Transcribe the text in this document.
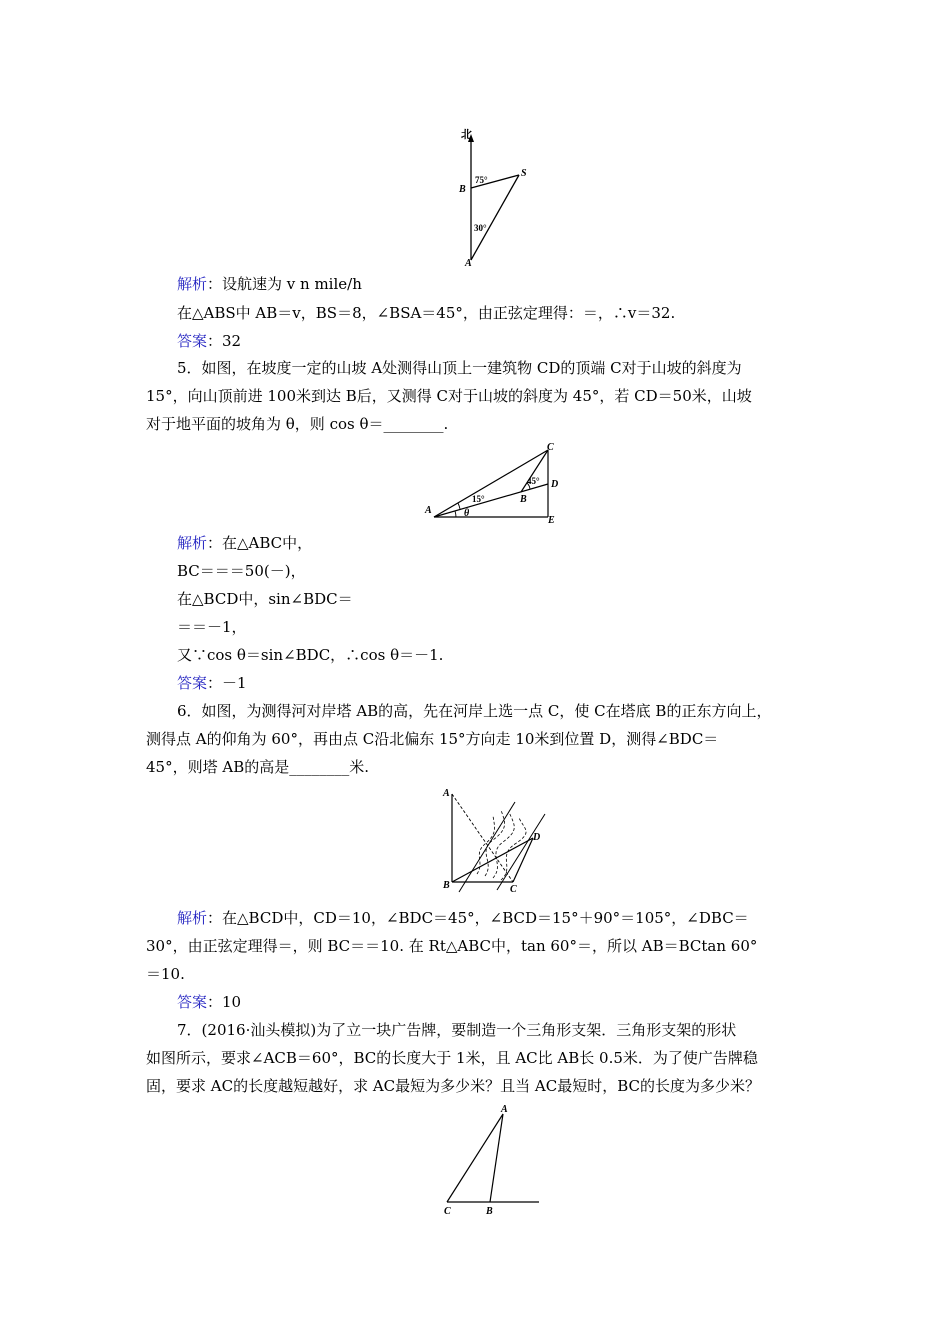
北
B
S
A
75°
30°
解析：设航速为 v n mile/h
在△ABS中 AB＝v，BS＝8，∠BSA＝45°，由正弦定理得：＝，∴v＝32.
答案：32
5．如图，在坡度一定的山坡 A处测得山顶上一建筑物 CD的顶端 C对于山坡的斜度为
15°，向山顶前进 100米到达 B后，又测得 C对于山坡的斜度为 45°，若 CD＝50米，山坡
对于地平面的坡角为 θ，则 cos θ＝________.
A
C
D
E
B
15°
45°
θ
解析：在△ABC中，
BC＝＝＝50(－)，
在△BCD中，sin∠BDC＝
＝＝－1，
又∵cos θ＝sin∠BDC，∴cos θ＝－1.
答案：－1
6．如图，为测得河对岸塔 AB的高，先在河岸上选一点 C，使 C在塔底 B的正东方向上，
测得点 A的仰角为 60°，再由点 C沿北偏东 15°方向走 10米到位置 D，测得∠BDC＝
45°，则塔 AB的高是________米.
A
B	C
D
解析：在△BCD中，CD＝10，∠BDC＝45°，∠BCD＝15°＋90°＝105°，∠DBC＝
30°，由正弦定理得＝，则 BC＝＝10. 在 Rt△ABC中，tan 60°＝，所以 AB＝BCtan 60°
＝10.
答案：10
7．(2016·汕头模拟)为了立一块广告牌，要制造一个三角形支架．三角形支架的形状
如图所示，要求∠ACB＝60°，BC的长度大于 1米，且 AC比 AB长 0.5米．为了使广告牌稳
固，要求 AC的长度越短越好，求 AC最短为多少米？且当 AC最短时，BC的长度为多少米？
A
C	B
